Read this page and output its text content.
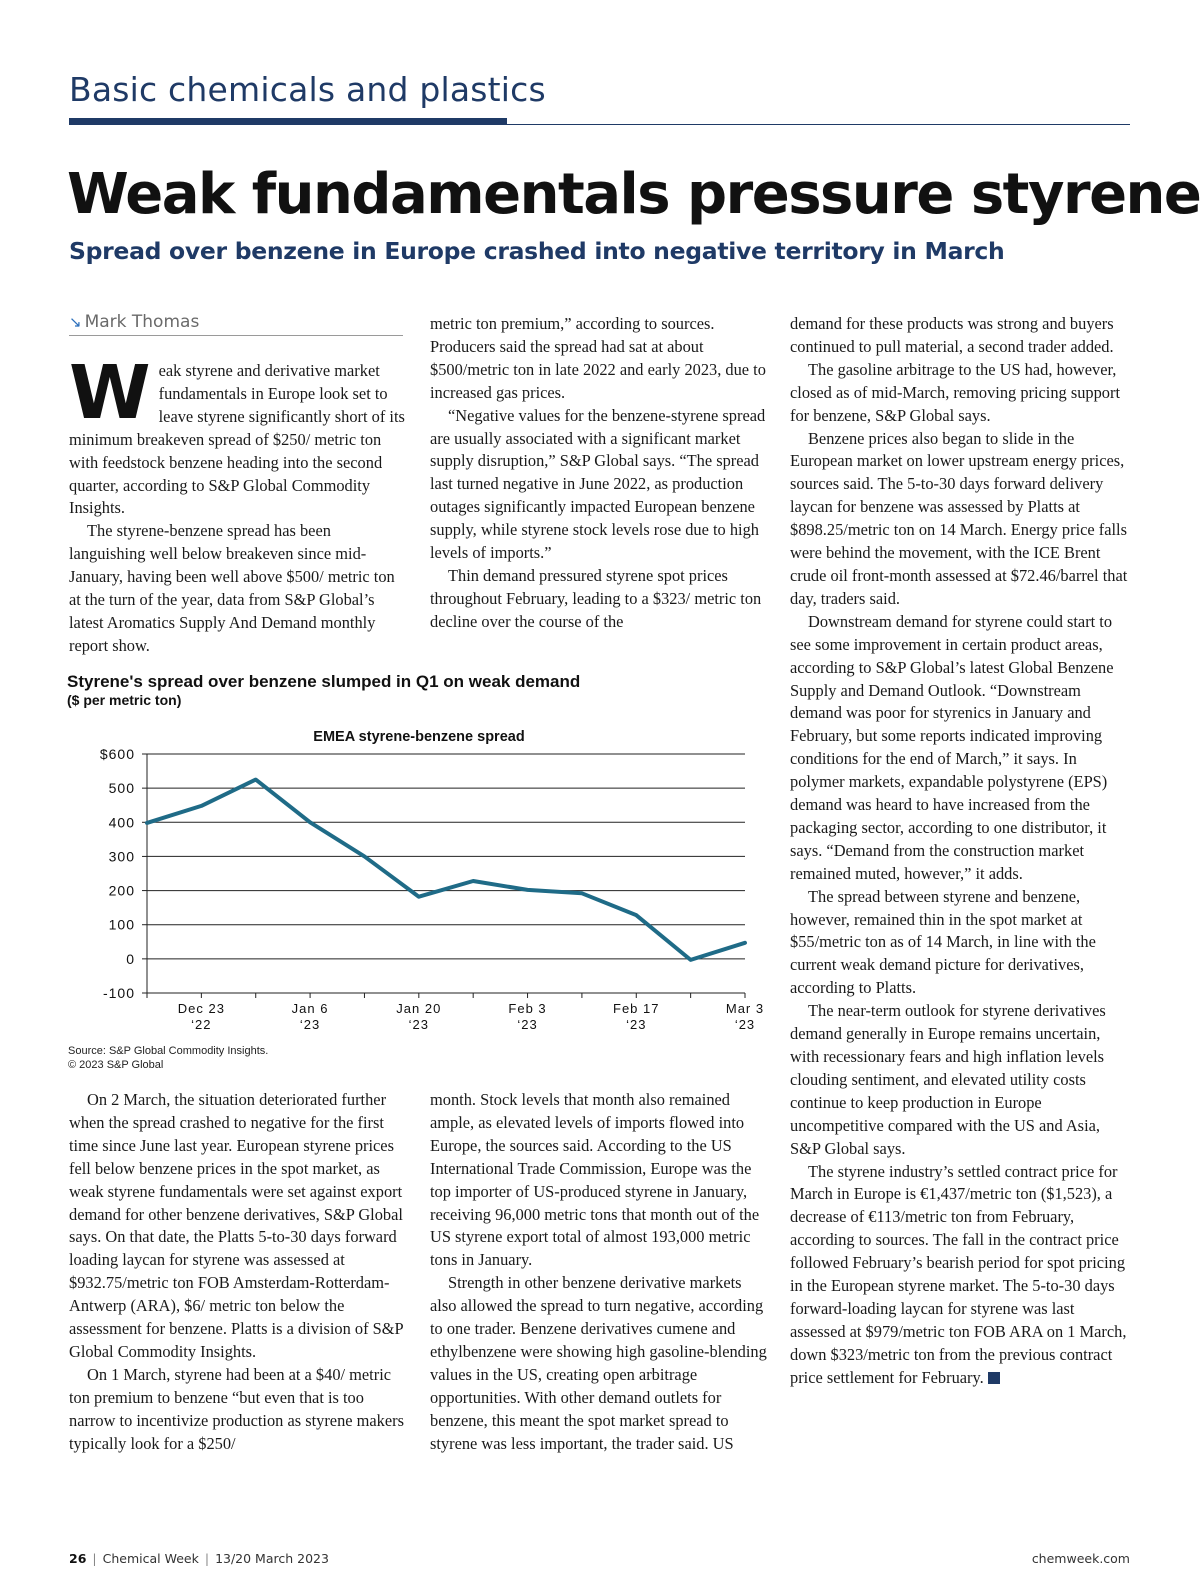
Basic chemicals and plastics
Weak fundamentals pressure styrene
Spread over benzene in Europe crashed into negative territory in March
↘ Mark Thomas

Weak styrene and derivative market fundamentals in Europe look set to leave styrene significantly short of its minimum breakeven spread of $250/ metric ton with feedstock benzene heading into the second quarter, according to S&P Global Commodity Insights.

The styrene-benzene spread has been languishing well below breakeven since mid-January, having been well above $500/ metric ton at the turn of the year, data from S&P Global’s latest Aromatics Supply And Demand monthly report show.

metric ton premium,” according to sources. Producers said the spread had sat at about $500/metric ton in late 2022 and early 2023, due to increased gas prices.

“Negative values for the benzene-styrene spread are usually associated with a significant market supply disruption,” S&P Global says. “The spread last turned negative in June 2022, as production outages significantly impacted European benzene supply, while styrene stock levels rose due to high levels of imports.”

Thin demand pressured styrene spot prices throughout February, leading to a $323/ metric ton decline over the course of the

Styrene's spread over benzene slumped in Q1 on weak demand
($ per metric ton)
EMEA styrene-benzene spread
$600
500
400
300
200
100
0
-100
Dec 23
‘22
Jan 6
‘23
Jan 20
‘23
Feb 3
‘23
Feb 17
‘23
Mar 3
‘23
Source: S&P Global Commodity Insights.
© 2023 S&P Global

On 2 March, the situation deteriorated further when the spread crashed to negative for the first time since June last year. European styrene prices fell below benzene prices in the spot market, as weak styrene fundamentals were set against export demand for other benzene derivatives, S&P Global says. On that date, the Platts 5-to-30 days forward loading laycan for styrene was assessed at $932.75/metric ton FOB Amsterdam-Rotterdam-Antwerp (ARA), $6/ metric ton below the assessment for benzene. Platts is a division of S&P Global Commodity Insights.

On 1 March, styrene had been at a $40/ metric ton premium to benzene “but even that is too narrow to incentivize production as styrene makers typically look for a $250/

month. Stock levels that month also remained ample, as elevated levels of imports flowed into Europe, the sources said. According to the US International Trade Commission, Europe was the top importer of US-produced styrene in January, receiving 96,000 metric tons that month out of the US styrene export total of almost 193,000 metric tons in January.

Strength in other benzene derivative markets also allowed the spread to turn negative, according to one trader. Benzene derivatives cumene and ethylbenzene were showing high gasoline-blending values in the US, creating open arbitrage opportunities. With other demand outlets for benzene, this meant the spot market spread to styrene was less important, the trader said. US

demand for these products was strong and buyers continued to pull material, a second trader added.

The gasoline arbitrage to the US had, however, closed as of mid-March, removing pricing support for benzene, S&P Global says.

Benzene prices also began to slide in the European market on lower upstream energy prices, sources said. The 5-to-30 days forward delivery laycan for benzene was assessed by Platts at $898.25/metric ton on 14 March. Energy price falls were behind the movement, with the ICE Brent crude oil front-month assessed at $72.46/barrel that day, traders said.

Downstream demand for styrene could start to see some improvement in certain product areas, according to S&P Global’s latest Global Benzene Supply and Demand Outlook. “Downstream demand was poor for styrenics in January and February, but some reports indicated improving conditions for the end of March,” it says. In polymer markets, expandable polystyrene (EPS) demand was heard to have increased from the packaging sector, according to one distributor, it says. “Demand from the construction market remained muted, however,” it adds.

The spread between styrene and benzene, however, remained thin in the spot market at $55/metric ton as of 14 March, in line with the current weak demand picture for derivatives, according to Platts.

The near-term outlook for styrene derivatives demand generally in Europe remains uncertain, with recessionary fears and high inflation levels clouding sentiment, and elevated utility costs continue to keep production in Europe uncompetitive compared with the US and Asia, S&P Global says.

The styrene industry’s settled contract price for March in Europe is €1,437/metric ton ($1,523), a decrease of €113/metric ton from February, according to sources. The fall in the contract price followed February’s bearish period for spot pricing in the European styrene market. The 5-to-30 days forward-loading laycan for styrene was last assessed at $979/metric ton FOB ARA on 1 March, down $323/metric ton from the previous contract price settlement for February.

26 | Chemical Week | 13/20 March 2023	chemweek.com
